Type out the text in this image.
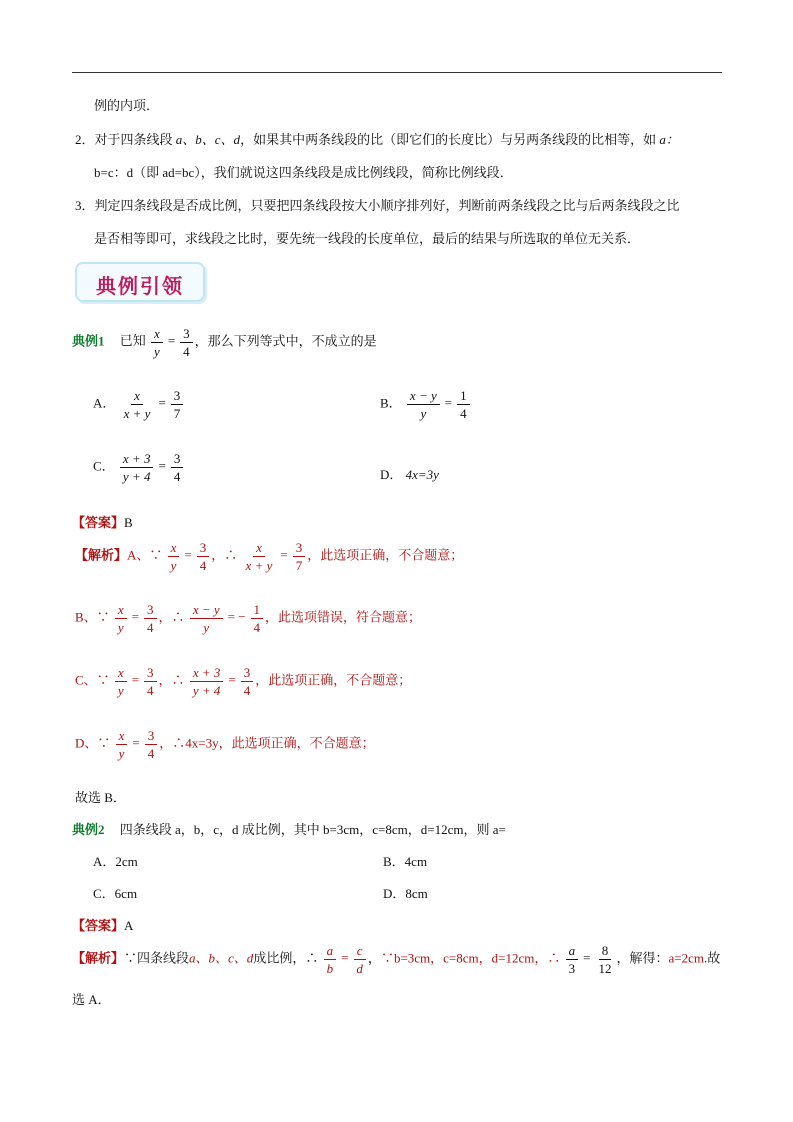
例的内项．
2．对于四条线段 a、b、c、d，如果其中两条线段的比（即它们的长度比）与另两条线段的比相等，如 a：
b=c：d（即 ad=bc），我们就说这四条线段是成比例线段，简称比例线段．
3．判定四条线段是否成比例，只要把四条线段按大小顺序排列好，判断前两条线段之比与后两条线段之比
是否相等即可，求线段之比时，要先统一线段的长度单位，最后的结果与所选取的单位无关系．
典例引领
典例1 已知 $\frac{x}{y} = \frac{3}{4}$ ，那么下列等式中，不成立的是
A． $\frac{x}{x + y} = \frac{3}{7}$	B． $\frac{x - y}{y} = \frac{1}{4}$
C． $\frac{x + 3}{y + 4} = \frac{3}{4}$	D． 4x=3y
【答案】B
【解析】A、∵ $\frac{x}{y} = \frac{3}{4}$ ，∴ $\frac{x}{x + y} = \frac{3}{7}$ ，此选项正确，不合题意；
B、∵ $\frac{x}{y} = \frac{3}{4}$ ，∴ $\frac{x - y}{y}$ = − $\frac{1}{4}$ ，此选项错误，符合题意；
C、∵ $\frac{x}{y} = \frac{3}{4}$ ，∴ $\frac{x + 3}{y + 4} = \frac{3}{4}$ ，此选项正确，不合题意；
D、∵ $\frac{x}{y} = \frac{3}{4}$ ，∴4x=3y，此选项正确，不合题意；
故选 B．
典例2 四条线段 a，b，c，d 成比例，其中 b=3cm，c=8cm，d=12cm，则 a=
A．2cm	B．4cm
C．6cm	D．8cm
【答案】A
【解析】∵四条线段a、b、c、d成比例，∴ $\frac{a}{b} = \frac{c}{d}$ ，∵b=3cm，c=8cm，d=12cm，∴ $\frac{a}{3} = \frac{8}{12}$ ，解得：a=2cm.故
选 A．
